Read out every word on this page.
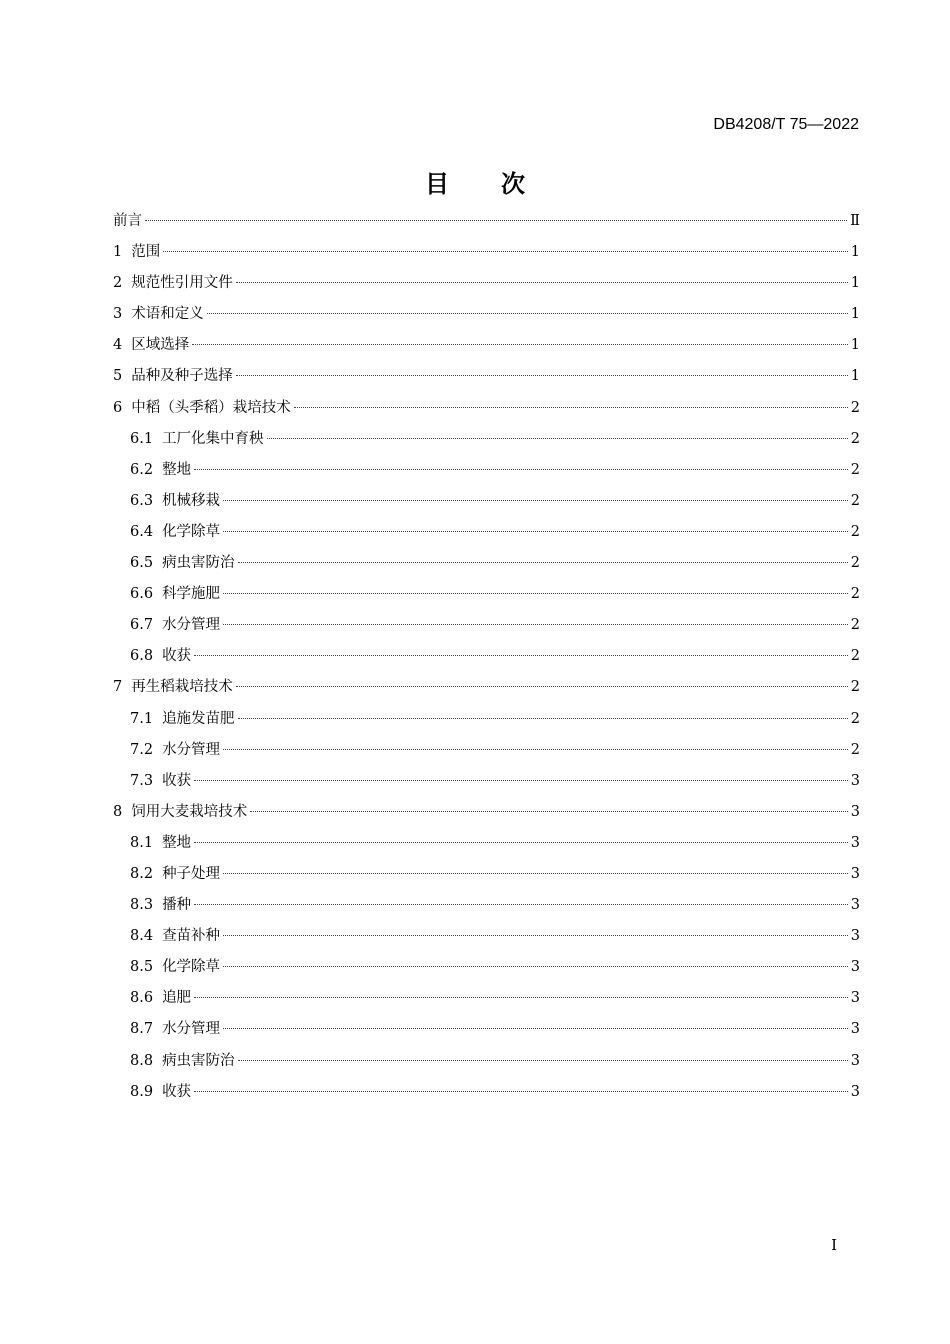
DB4208/T 75—2022
目 次
前言	Ⅱ
1 范围	1
2 规范性引用文件	1
3 术语和定义	1
4 区域选择	1
5 品种及种子选择	1
6 中稻（头季稻）栽培技术	2
6.1 工厂化集中育秧	2
6.2 整地	2
6.3 机械移栽	2
6.4 化学除草	2
6.5 病虫害防治	2
6.6 科学施肥	2
6.7 水分管理	2
6.8 收获	2
7 再生稻栽培技术	2
7.1 追施发苗肥	2
7.2 水分管理	2
7.3 收获	3
8 饲用大麦栽培技术	3
8.1 整地	3
8.2 种子处理	3
8.3 播种	3
8.4 查苗补种	3
8.5 化学除草	3
8.6 追肥	3
8.7 水分管理	3
8.8 病虫害防治	3
8.9 收获	3
I
